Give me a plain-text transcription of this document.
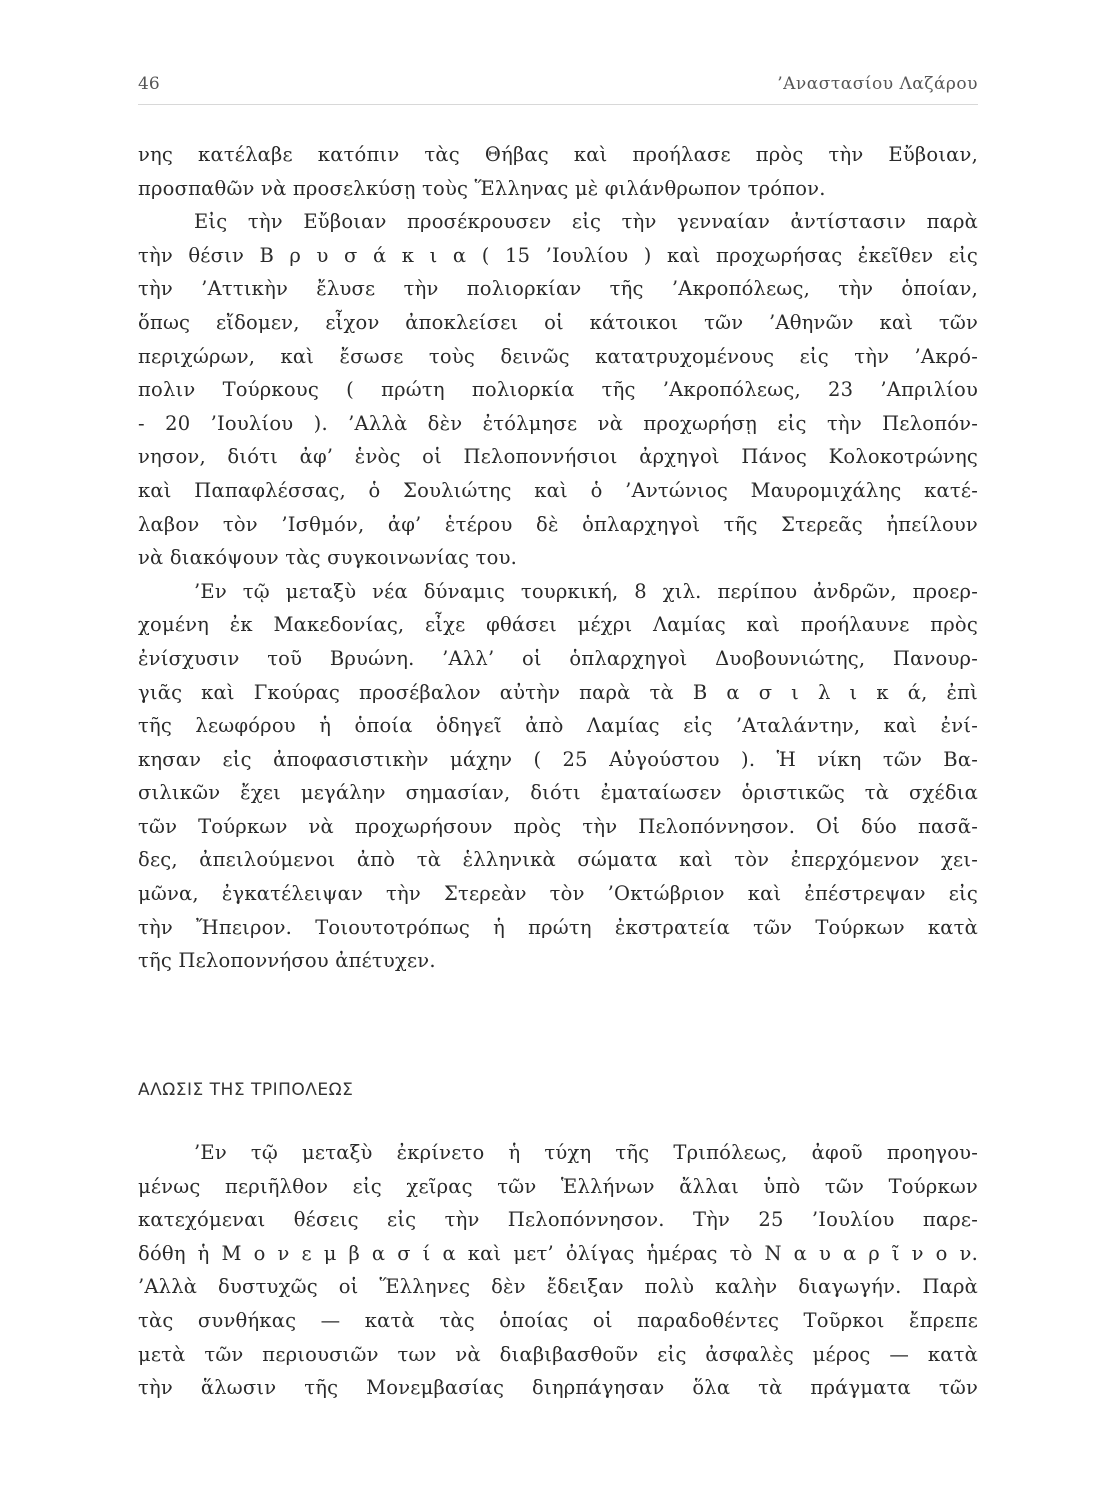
46	’Αναστασίου Λαζάρου
νης κατέλαβε κατόπιν τὰς Θήβας καὶ προήλασε πρὸς τὴν Εὔβοιαν,
προσπαθῶν νὰ προσελκύσῃ τοὺς Ἕλληνας μὲ φιλάνθρωπον τρόπον.
Εἰς τὴν Εὔβοιαν προσέκρουσεν εἰς τὴν γενναίαν ἀντίστασιν παρὰ
τὴν θέσιν Β ρ υ σ ά κ ι α ( 15 ’Ιουλίου ) καὶ προχωρήσας ἐκεῖθεν εἰς
τὴν ’Αττικὴν ἔλυσε τὴν πολιορκίαν τῆς ’Ακροπόλεως, τὴν ὁποίαν,
ὅπως εἴδομεν, εἶχον ἀποκλείσει οἱ κάτοικοι τῶν ’Αθηνῶν καὶ τῶν
περιχώρων, καὶ ἔσωσε τοὺς δεινῶς κατατρυχομένους εἰς τὴν ’Ακρό-
πολιν Τούρκους ( πρώτη πολιορκία τῆς ’Ακροπόλεως, 23 ’Απριλίου
- 20 ’Ιουλίου ). ’Αλλὰ δὲν ἐτόλμησε νὰ προχωρήσῃ εἰς τὴν Πελοπόν-
νησον, διότι ἀφ’ ἑνὸς οἱ Πελοποννήσιοι ἀρχηγοὶ Πάνος Κολοκοτρώνης
καὶ Παπαφλέσσας, ὁ Σουλιώτης καὶ ὁ ’Αντώνιος Μαυρομιχάλης κατέ-
λαβον τὸν ’Ισθμόν, ἀφ’ ἑτέρου δὲ ὁπλαρχηγοὶ τῆς Στερεᾶς ἠπείλουν
νὰ διακόψουν τὰς συγκοινωνίας του.
’Εν τῷ μεταξὺ νέα δύναμις τουρκική, 8 χιλ. περίπου ἀνδρῶν, προερ-
χομένη ἐκ Μακεδονίας, εἶχε φθάσει μέχρι Λαμίας καὶ προήλαυνε πρὸς
ἐνίσχυσιν τοῦ Βρυώνη. ’Αλλ’ οἱ ὁπλαρχηγοὶ Δυοβουνιώτης, Πανουρ-
γιᾶς καὶ Γκούρας προσέβαλον αὐτὴν παρὰ τὰ Β α σ ι λ ι κ ά, ἐπὶ
τῆς λεωφόρου ἡ ὁποία ὁδηγεῖ ἀπὸ Λαμίας εἰς ’Αταλάντην, καὶ ἐνί-
κησαν εἰς ἀποφασιστικὴν μάχην ( 25 Αὐγούστου ). Ἡ νίκη τῶν Βα-
σιλικῶν ἔχει μεγάλην σημασίαν, διότι ἐματαίωσεν ὁριστικῶς τὰ σχέδια
τῶν Τούρκων νὰ προχωρήσουν πρὸς τὴν Πελοπόννησον. Οἱ δύο πασᾶ-
δες, ἀπειλούμενοι ἀπὸ τὰ ἑλληνικὰ σώματα καὶ τὸν ἐπερχόμενον χει-
μῶνα, ἐγκατέλειψαν τὴν Στερεὰν τὸν ’Οκτώβριον καὶ ἐπέστρεψαν εἰς
τὴν Ἤπειρον. Τοιουτοτρόπως ἡ πρώτη ἐκστρατεία τῶν Τούρκων κατὰ
τῆς Πελοποννήσου ἀπέτυχεν.
ΑΛΩΣΙΣ ΤΗΣ ΤΡΙΠΟΛΕΩΣ
’Εν τῷ μεταξὺ ἐκρίνετο ἡ τύχη τῆς Τριπόλεως, ἀφοῦ προηγου-
μένως περιῆλθον εἰς χεῖρας τῶν Ἑλλήνων ἄλλαι ὑπὸ τῶν Τούρκων
κατεχόμεναι θέσεις εἰς τὴν Πελοπόννησον. Τὴν 25 ’Ιουλίου παρε-
δόθη ἡ Μ ο ν ε μ β α σ ί α καὶ μετ’ ὀλίγας ἡμέρας τὸ Ν α υ α ρ ῖ ν ο ν.
’Αλλὰ δυστυχῶς οἱ Ἕλληνες δὲν ἔδειξαν πολὺ καλὴν διαγωγήν. Παρὰ
τὰς συνθήκας — κατὰ τὰς ὁποίας οἱ παραδοθέντες Τοῦρκοι ἔπρεπε
μετὰ τῶν περιουσιῶν των νὰ διαβιβασθοῦν εἰς ἀσφαλὲς μέρος — κατὰ
τὴν ἅλωσιν τῆς Μονεμβασίας διηρπάγησαν ὅλα τὰ πράγματα τῶν
